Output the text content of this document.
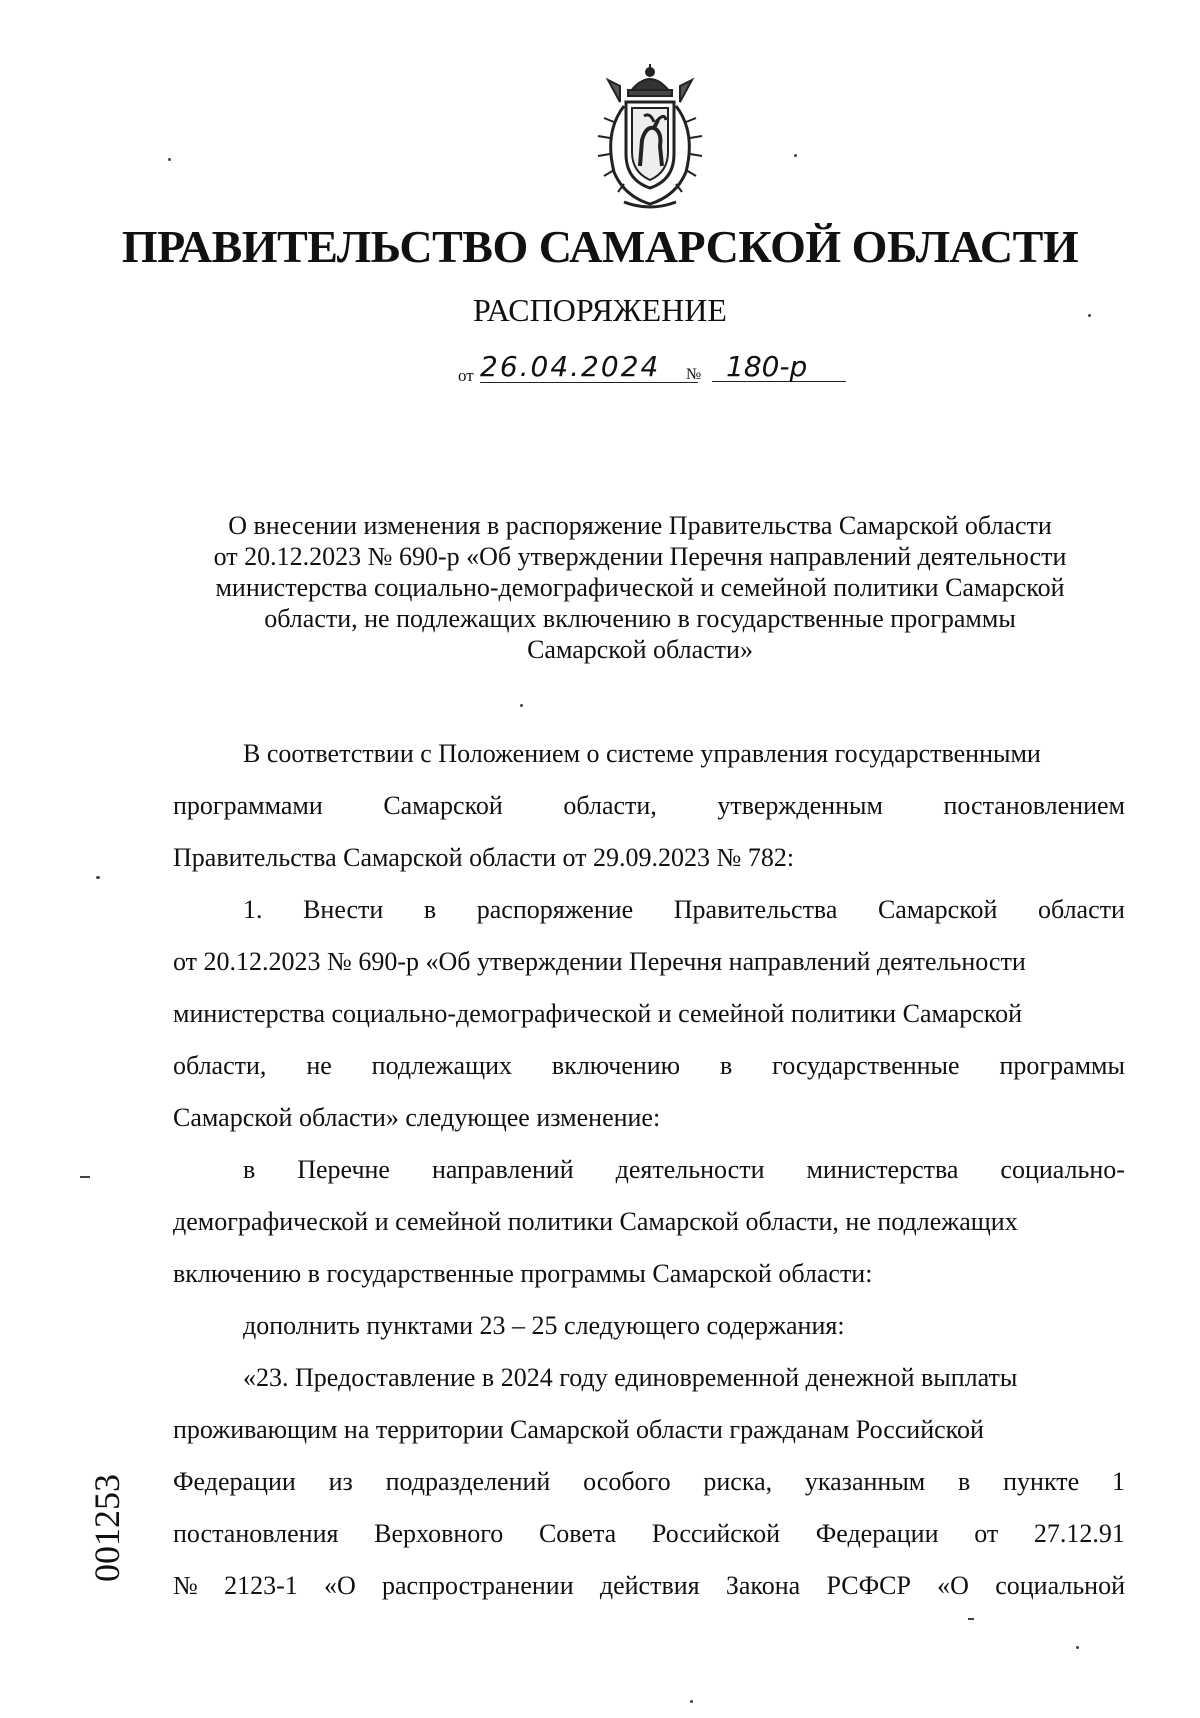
ПРАВИТЕЛЬСТВО САМАРСКОЙ ОБЛАСТИ
РАСПОРЯЖЕНИЕ
от 26.04.2024	№ 180-р
О внесении изменения в распоряжение Правительства Самарской области
от 20.12.2023 № 690-р «Об утверждении Перечня направлений деятельности
министерства социально-демографической и семейной политики Самарской
области, не подлежащих включению в государственные программы
Самарской области»
В соответствии с Положением о системе управления государственными
программами Самарской области, утвержденным постановлением
Правительства Самарской области от 29.09.2023 № 782:
1. Внести в распоряжение Правительства Самарской области
от 20.12.2023 № 690-р «Об утверждении Перечня направлений деятельности
министерства социально-демографической и семейной политики Самарской
области, не подлежащих включению в государственные программы
Самарской области» следующее изменение:
в Перечне направлений деятельности министерства социально-
демографической и семейной политики Самарской области, не подлежащих
включению в государственные программы Самарской области:
дополнить пунктами 23 – 25 следующего содержания:
«23. Предоставление в 2024 году единовременной денежной выплаты
проживающим на территории Самарской области гражданам Российской
Федерации из подразделений особого риска, указанным в пункте 1
постановления Верховного Совета Российской Федерации от 27.12.91
№ 2123-1 «О распространении действия Закона РСФСР «О социальной
001253
